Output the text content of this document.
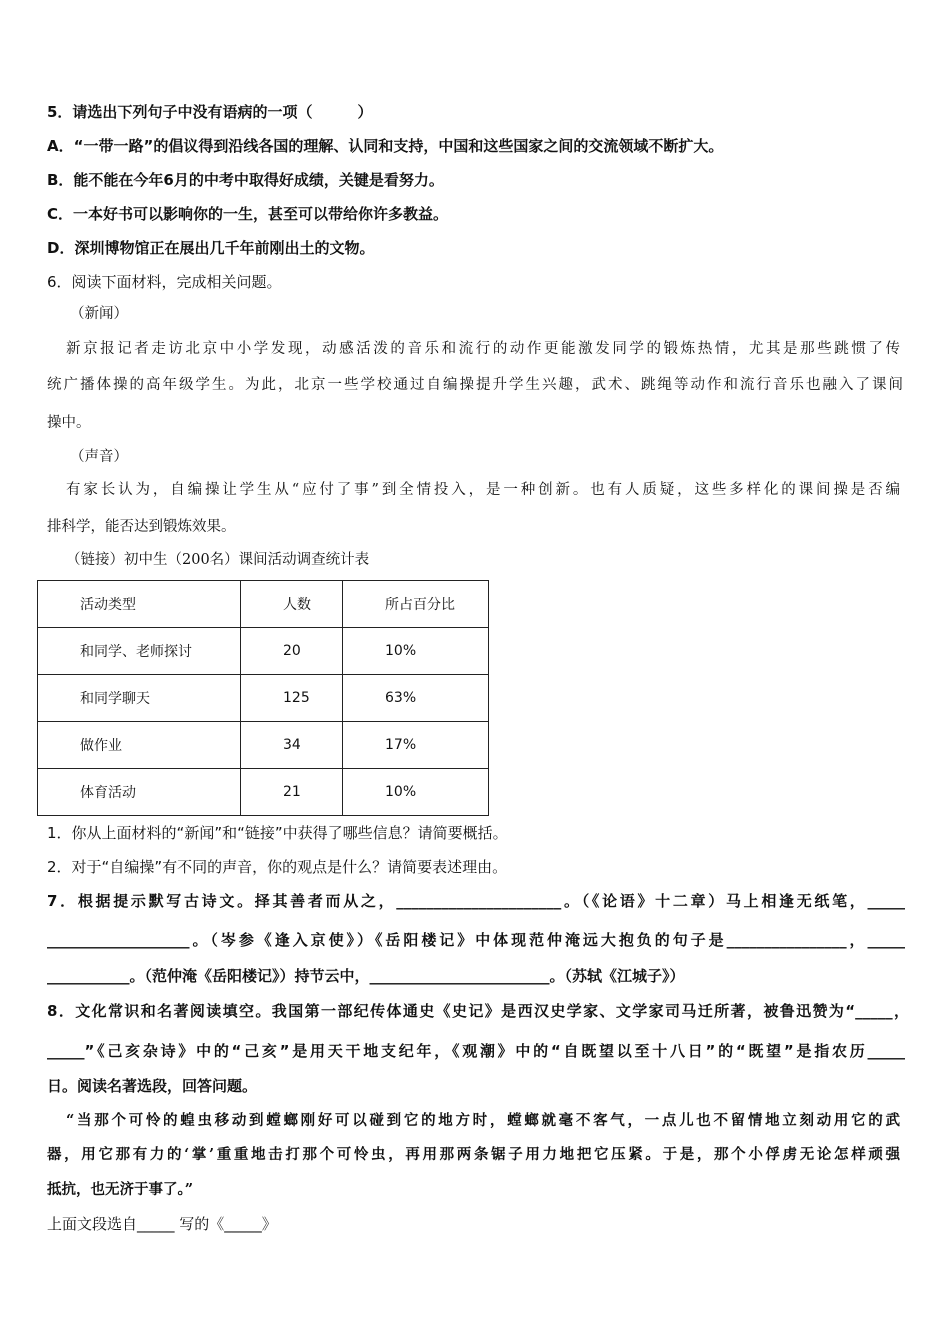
5．请选出下列句子中没有语病的一项（　　　）
A．“一带一路”的倡议得到沿线各国的理解、认同和支持，中国和这些国家之间的交流领域不断扩大。
B．能不能在今年6月的中考中取得好成绩，关键是看努力。
C．一本好书可以影响你的一生，甚至可以带给你许多教益。
D．深圳博物馆正在展出几千年前刚出土的文物。
6．阅读下面材料，完成相关问题。
（新闻）
新京报记者走访北京中小学发现，动感活泼的音乐和流行的动作更能激发同学的锻炼热情，尤其是那些跳惯了传
统广播体操的高年级学生。为此，北京一些学校通过自编操提升学生兴趣，武术、跳绳等动作和流行音乐也融入了课间
操中。
（声音）
有家长认为，自编操让学生从“应付了事”到全情投入，是一种创新。也有人质疑，这些多样化的课间操是否编
排科学，能否达到锻炼效果。
（链接）初中生（200名）课间活动调查统计表
活动类型	人数	所占百分比
和同学、老师探讨	20	10%
和同学聊天	125	63%
做作业	34	17%
体育活动	21	10%
1．你从上面材料的“新闻”和“链接”中获得了哪些信息？请简要概括。
2．对于“自编操”有不同的声音，你的观点是什么？请简要表述理由。
7．根据提示默写古诗文。择其善者而从之，______________________。（《论语》十二章）马上相逢无纸笔，_____
___________________。（岑参《逢入京使》）《岳阳楼记》中体现范仲淹远大抱负的句子是________________，_____
___________。（范仲淹《岳阳楼记》）持节云中，________________________。（苏轼《江城子》）
8．文化常识和名著阅读填空。我国第一部纪传体通史《史记》是西汉史学家、文学家司马迁所著，被鲁迅赞为“_____，
_____”《己亥杂诗》中的“己亥”是用天干地支纪年，《观潮》中的“自既望以至十八日”的“既望”是指农历_____
日。阅读名著选段，回答问题。
“当那个可怜的蝗虫移动到螳螂刚好可以碰到它的地方时，螳螂就毫不客气，一点儿也不留情地立刻动用它的武
器，用它那有力的‘掌’重重地击打那个可怜虫，再用那两条锯子用力地把它压紧。于是，那个小俘虏无论怎样顽强
抵抗，也无济于事了。”
上面文段选自_____ 写的《_____》
